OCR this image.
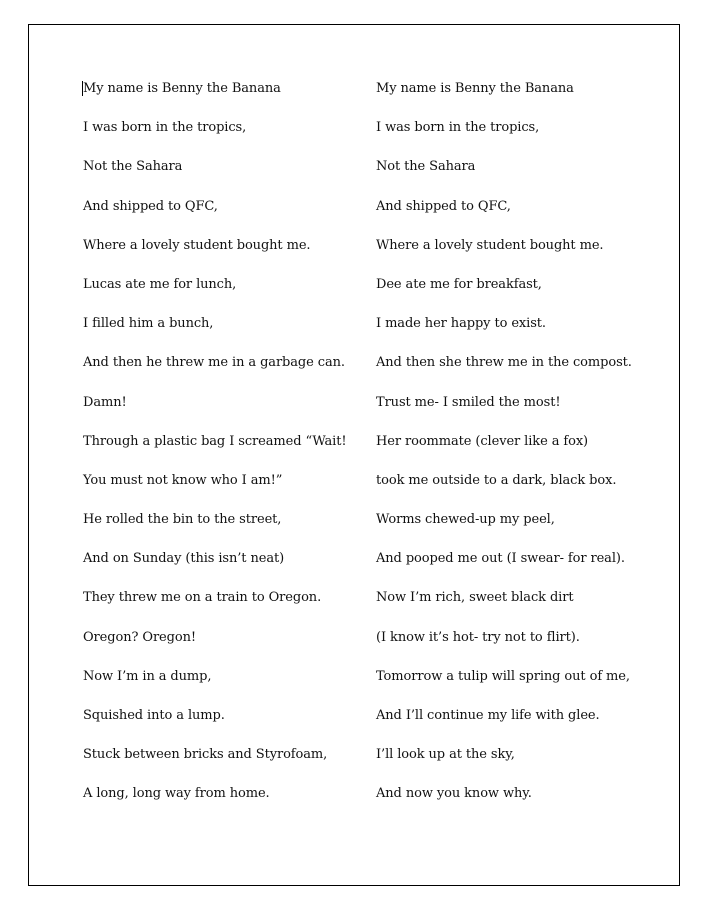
My name is Benny the Banana
I was born in the tropics,
Not the Sahara
And shipped to QFC,
Where a lovely student bought me.
Lucas ate me for lunch,
I filled him a bunch,
And then he threw me in a garbage can.
Damn!
Through a plastic bag I screamed “Wait!
You must not know who I am!”
He rolled the bin to the street,
And on Sunday (this isn’t neat)
They threw me on a train to Oregon.
Oregon? Oregon!
Now I’m in a dump,
Squished into a lump.
Stuck between bricks and Styrofoam,
A long, long way from home.
My name is Benny the Banana
I was born in the tropics,
Not the Sahara
And shipped to QFC,
Where a lovely student bought me.
Dee ate me for breakfast,
I made her happy to exist.
And then she threw me in the compost.
Trust me- I smiled the most!
Her roommate (clever like a fox)
took me outside to a dark, black box.
Worms chewed-up my peel,
And pooped me out (I swear- for real).
Now I’m rich, sweet black dirt
(I know it’s hot- try not to flirt).
Tomorrow a tulip will spring out of me,
And I’ll continue my life with glee.
I’ll look up at the sky,
And now you know why.
